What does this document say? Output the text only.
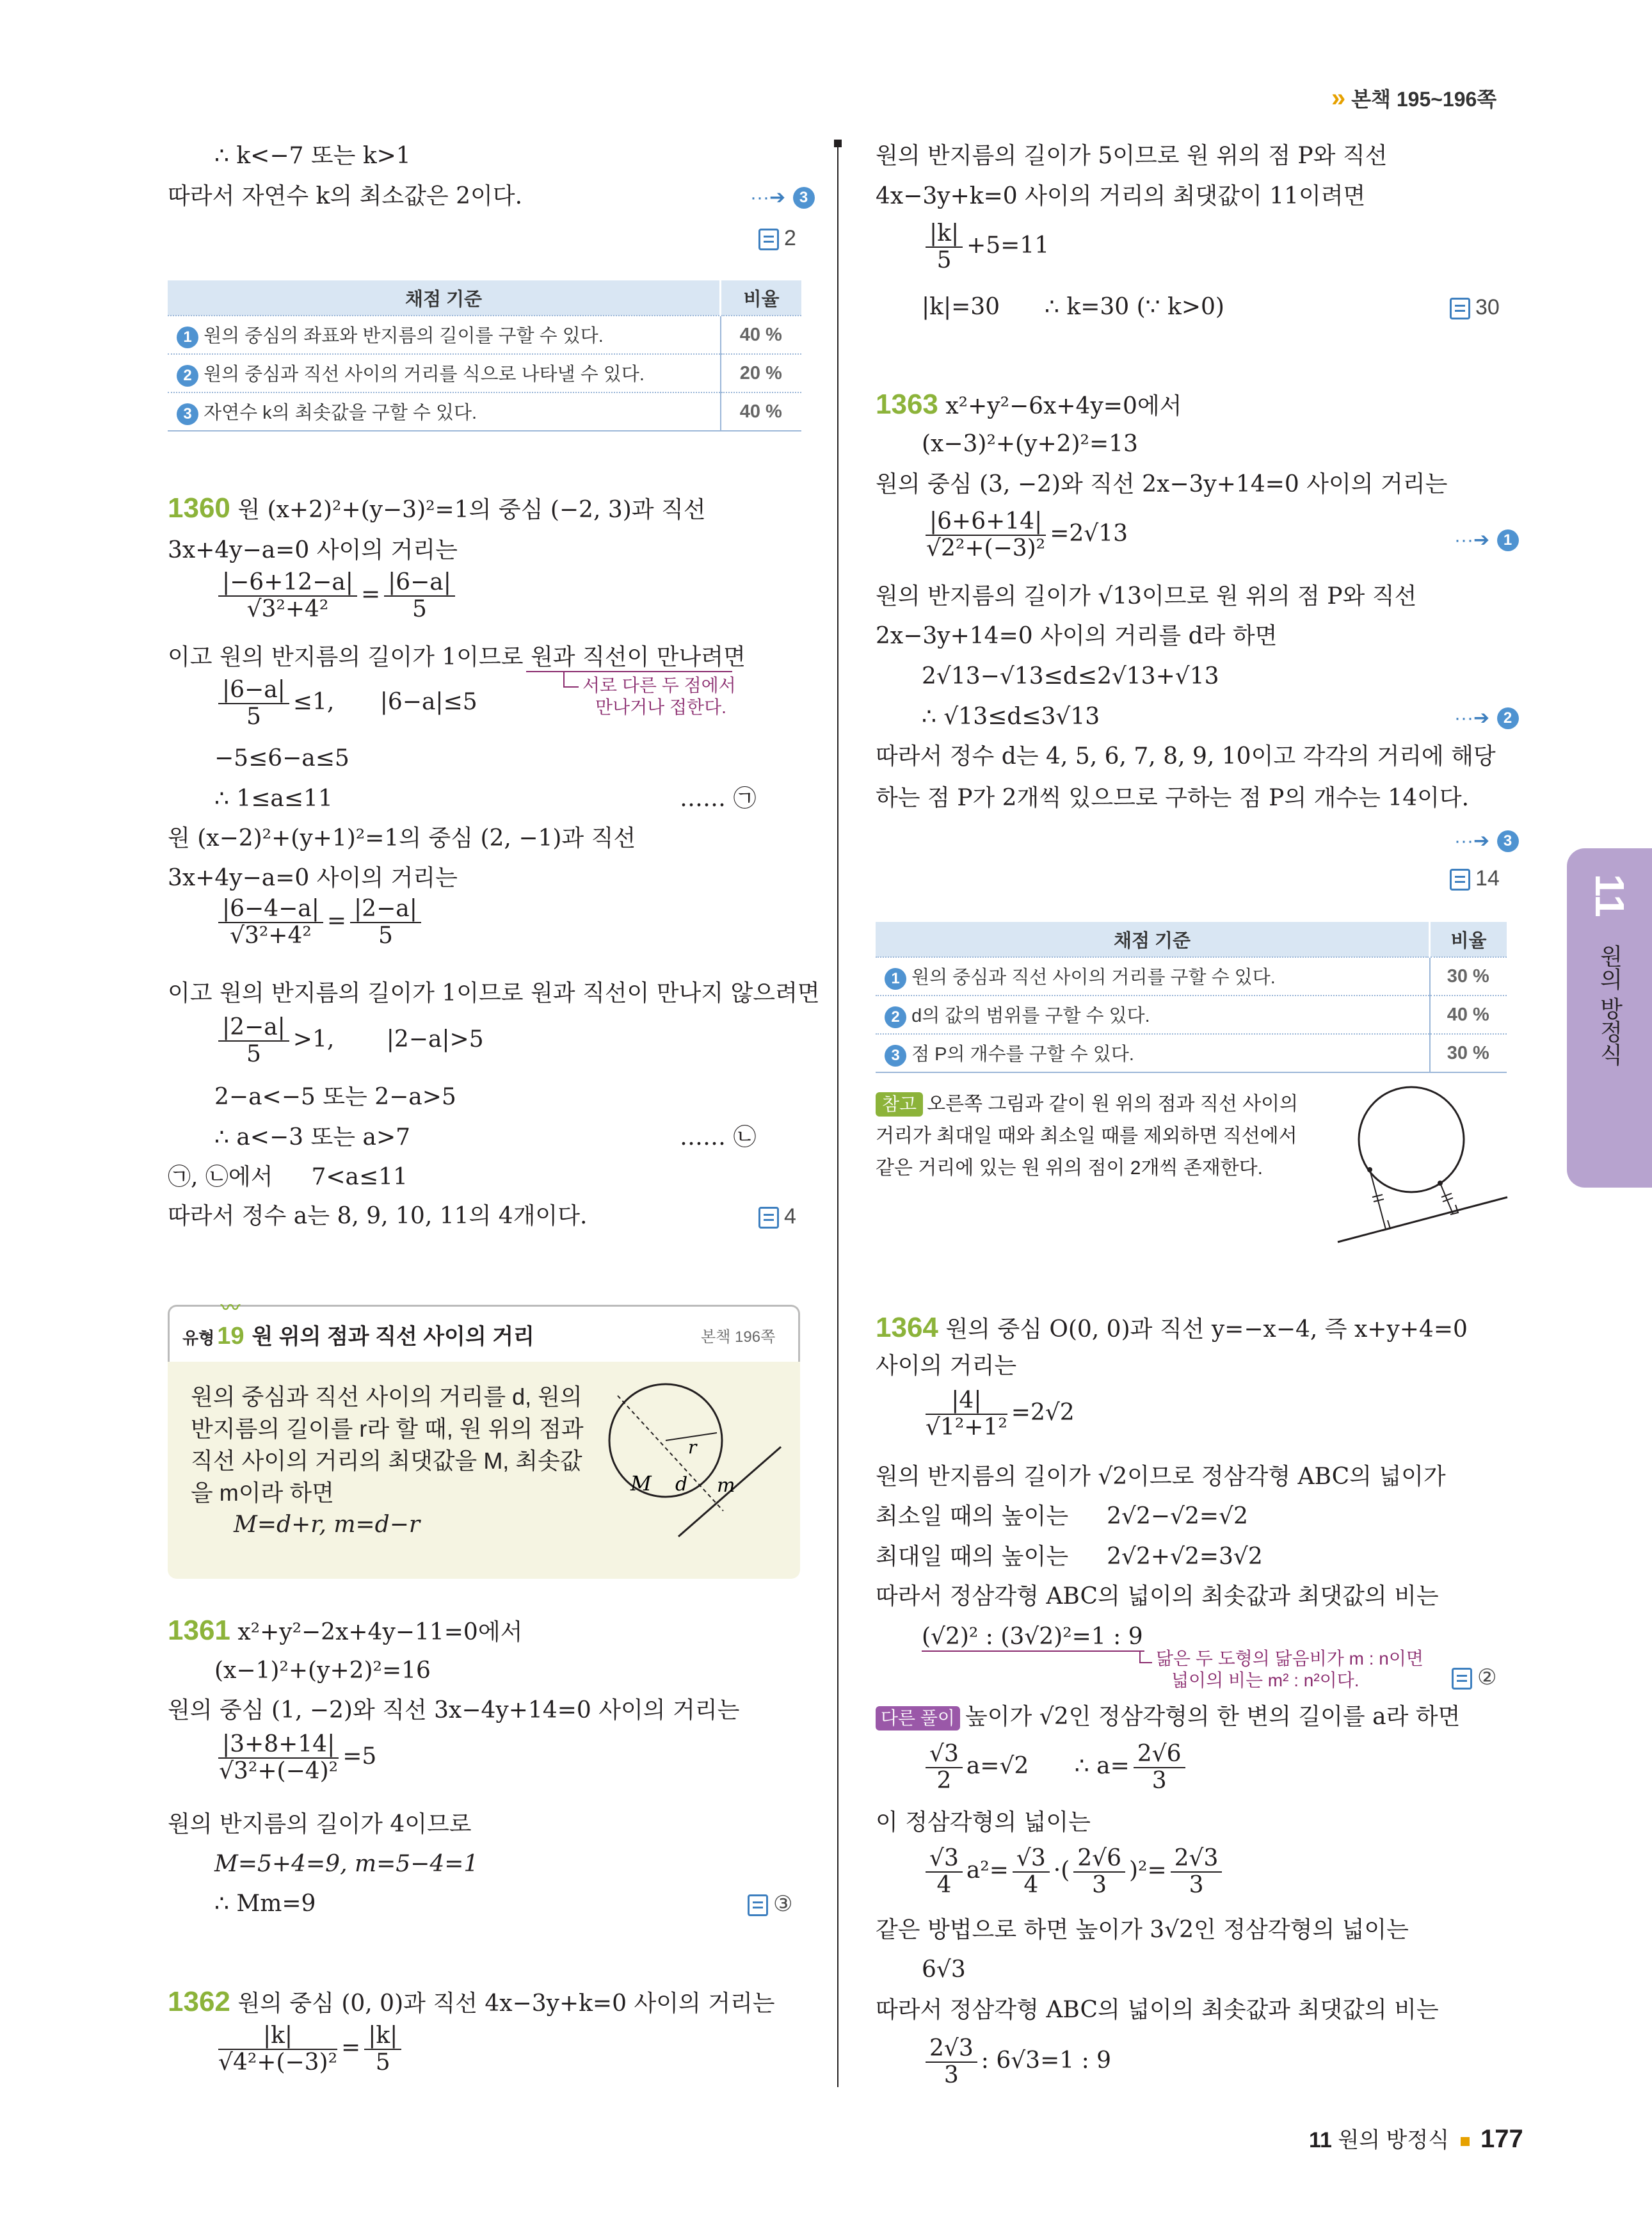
» 본책 195~196쪽
∴ k<−7 또는 k>1
따라서 자연수 k의 최소값은 2이다.	···➔ 3
2
채점 기준	비율
1 원의 중심의 좌표와 반지름의 길이를 구할 수 있다.	40 %
2 원의 중심과 직선 사이의 거리를 식으로 나타낼 수 있다.	20 %
3 자연수 k의 최솟값을 구할 수 있다.	40 %
1360 원 (x+2)²+(y−3)²=1의 중심 (−2, 3)과 직선
3x+4y−a=0 사이의 거리는
$\frac{|-6+12-a|}{\text{√3²+4²}} = \frac{|6-a|}{5}$
이고 원의 반지름의 길이가 1이므로 원과 직선이 만나려면
서로 다른 두 점에서
만나거나 접한다.
$\frac{|6-a|}{5} \le 1$, |6−a|≤5
−5≤6−a≤5
∴ 1≤a≤11	…… ㉠
원 (x−2)²+(y+1)²=1의 중심 (2, −1)과 직선
3x+4y−a=0 사이의 거리는
$\frac{|6-4-a|}{\text{√3²+4²}} = \frac{|2-a|}{5}$
이고 원의 반지름의 길이가 1이므로 원과 직선이 만나지 않으려면
$\frac{|2-a|}{5} >1$, |2−a|>5
2−a<−5 또는 2−a>5
∴ a<−3 또는 a>7	…… ㉡
㉠, ㉡에서 7<a≤11
따라서 정수 a는 8, 9, 10, 11의 4개이다.	4
〰
유형 19 원 위의 점과 직선 사이의 거리	본책 196쪽
원의 중심과 직선 사이의 거리를 d, 원의
반지름의 길이를 r라 할 때, 원 위의 점과
직선 사이의 거리의 최댓값을 M, 최솟값
을 m이라 하면
M=d+r, m=d−r
M d
r
m
1361 x²+y²−2x+4y−11=0에서
(x−1)²+(y+2)²=16
원의 중심 (1, −2)와 직선 3x−4y+14=0 사이의 거리는
$\frac{|3+8+14|}{\text{√3²+(−4)²}} =5$
원의 반지름의 길이가 4이므로
M=5+4=9, m=5−4=1
∴ Mm=9	③
1362 원의 중심 (0, 0)과 직선 4x−3y+k=0 사이의 거리는
$\frac{|k|}{\text{√4²+(−3)²}} = \frac{|k|}{5}$
원의 반지름의 길이가 5이므로 원 위의 점 P와 직선
4x−3y+k=0 사이의 거리의 최댓값이 11이려면
$\frac{|k|}{5} +5=11$
|k|=30 ∴ k=30 (∵ k>0)	30
1363 x²+y²−6x+4y=0에서
(x−3)²+(y+2)²=13
원의 중심 (3, −2)와 직선 2x−3y+14=0 사이의 거리는
$\frac{|6+6+14|}{\text{√2²+(−3)²}} =2√13$	···➔ 1
원의 반지름의 길이가 √13이므로 원 위의 점 P와 직선
2x−3y+14=0 사이의 거리를 d라 하면
2√13−√13≤d≤2√13+√13
∴ √13≤d≤3√13	···➔ 2
따라서 정수 d는 4, 5, 6, 7, 8, 9, 10이고 각각의 거리에 해당
하는 점 P가 2개씩 있으므로 구하는 점 P의 개수는 14이다.
···➔ 3
14
채점 기준	비율
1 원의 중심과 직선 사이의 거리를 구할 수 있다.	30 %
2 d의 값의 범위를 구할 수 있다.	40 %
3 점 P의 개수를 구할 수 있다.	30 %
참고 오른쪽 그림과 같이 원 위의 점과 직선 사이의
거리가 최대일 때와 최소일 때를 제외하면 직선에서
같은 거리에 있는 원 위의 점이 2개씩 존재한다.
1364 원의 중심 O(0, 0)과 직선 y=−x−4, 즉 x+y+4=0
사이의 거리는
$\frac{|4|}{\text{√1²+1²}} =2√2$
원의 반지름의 길이가 √2이므로 정삼각형 ABC의 넓이가
최소일 때의 높이는 2√2−√2=√2
최대일 때의 높이는 2√2+√2=3√2
따라서 정삼각형 ABC의 넓이의 최솟값과 최댓값의 비는
(√2)² : (3√2)²=1 : 9
닮은 두 도형의 닮음비가 m : n이면
넓이의 비는 m² : n²이다.	②
다른 풀이 높이가 √2인 정삼각형의 한 변의 길이를 a라 하면
$\frac{√3}{2} a=√2$ ∴ $a= \frac{2√6}{3}$
이 정삼각형의 넓이는
$\frac{√3}{4} a^2= \frac{√3}{4}$ ·( $\frac{2√6}{3} )^2= \frac{2√3}{3}$
같은 방법으로 하면 높이가 3√2인 정삼각형의 넓이는
6√3
따라서 정삼각형 ABC의 넓이의 최솟값과 최댓값의 비는
$\frac{2√3}{3}$ : 6√3=1 : 9
11
원의 방정식
11 원의 방정식 177
